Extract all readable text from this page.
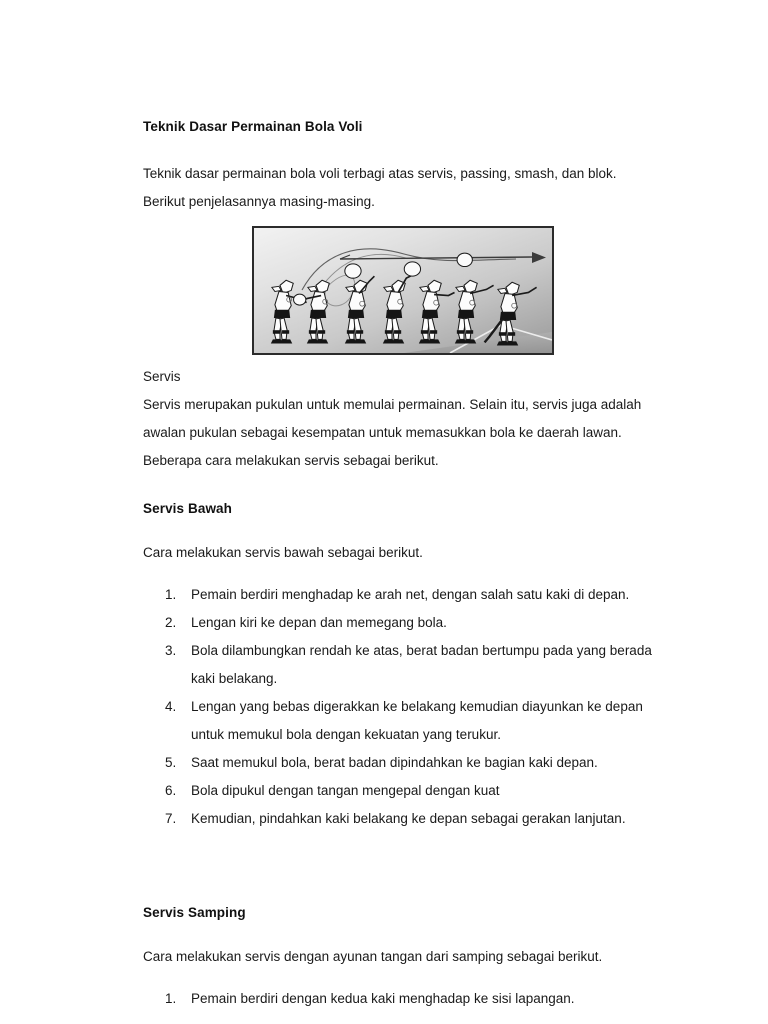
Teknik Dasar Permainan Bola Voli

Teknik dasar permainan bola voli terbagi atas servis, passing, smash, dan blok. Berikut penjelasannya masing-masing.

Servis

Servis merupakan pukulan untuk memulai permainan. Selain itu, servis juga adalah awalan pukulan sebagai kesempatan untuk memasukkan bola ke daerah lawan. Beberapa cara melakukan servis sebagai berikut.

Servis Bawah

Cara melakukan servis bawah sebagai berikut.

1.	Pemain berdiri menghadap ke arah net, dengan salah satu kaki di depan.
2.	Lengan kiri ke depan dan memegang bola.
3.	Bola dilambungkan rendah ke atas, berat badan bertumpu pada yang berada kaki belakang.
4.	Lengan yang bebas digerakkan ke belakang kemudian diayunkan ke depan untuk memukul bola dengan kekuatan yang terukur.
5.	Saat memukul bola, berat badan dipindahkan ke bagian kaki depan.
6.	Bola dipukul dengan tangan mengepal dengan kuat
7.	Kemudian, pindahkan kaki belakang ke depan sebagai gerakan lanjutan.

Servis Samping

Cara melakukan servis dengan ayunan tangan dari samping sebagai berikut.

1.	Pemain berdiri dengan kedua kaki menghadap ke sisi lapangan.
